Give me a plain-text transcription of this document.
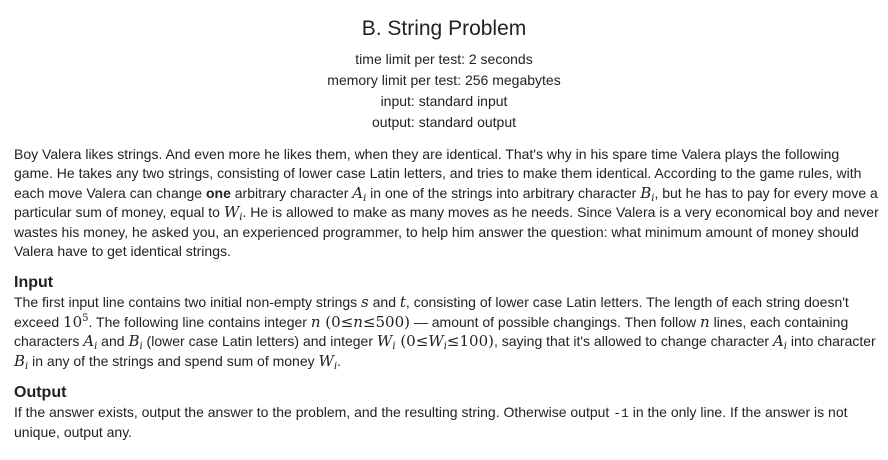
B. String Problem
time limit per test: 2 seconds
memory limit per test: 256 megabytes
input: standard input
output: standard output

Boy Valera likes strings. And even more he likes them, when they are identical. That's why in his spare time Valera plays the following game. He takes any two strings, consisting of lower case Latin letters, and tries to make them identical. According to the game rules, with each move Valera can change one arbitrary character $A_i$ in one of the strings into arbitrary character $B_i$, but he has to pay for every move a particular sum of money, equal to $W_i$. He is allowed to make as many moves as he needs. Since Valera is a very economical boy and never wastes his money, he asked you, an experienced programmer, to help him answer the question: what minimum amount of money should Valera have to get identical strings.

Input

The first input line contains two initial non-empty strings s and t, consisting of lower case Latin letters. The length of each string doesn't exceed $10^5$. The following line contains integer n (0≤n≤500) — amount of possible changings. Then follow n lines, each containing characters $A_i$ and $B_i$ (lower case Latin letters) and integer $W_i$ $(0\le W_i\le 100)$, saying that it's allowed to change character $A_i$ into character $B_i$ in any of the strings and spend sum of money $W_i$.

Output

If the answer exists, output the answer to the problem, and the resulting string. Otherwise output -1 in the only line. If the answer is not unique, output any.
